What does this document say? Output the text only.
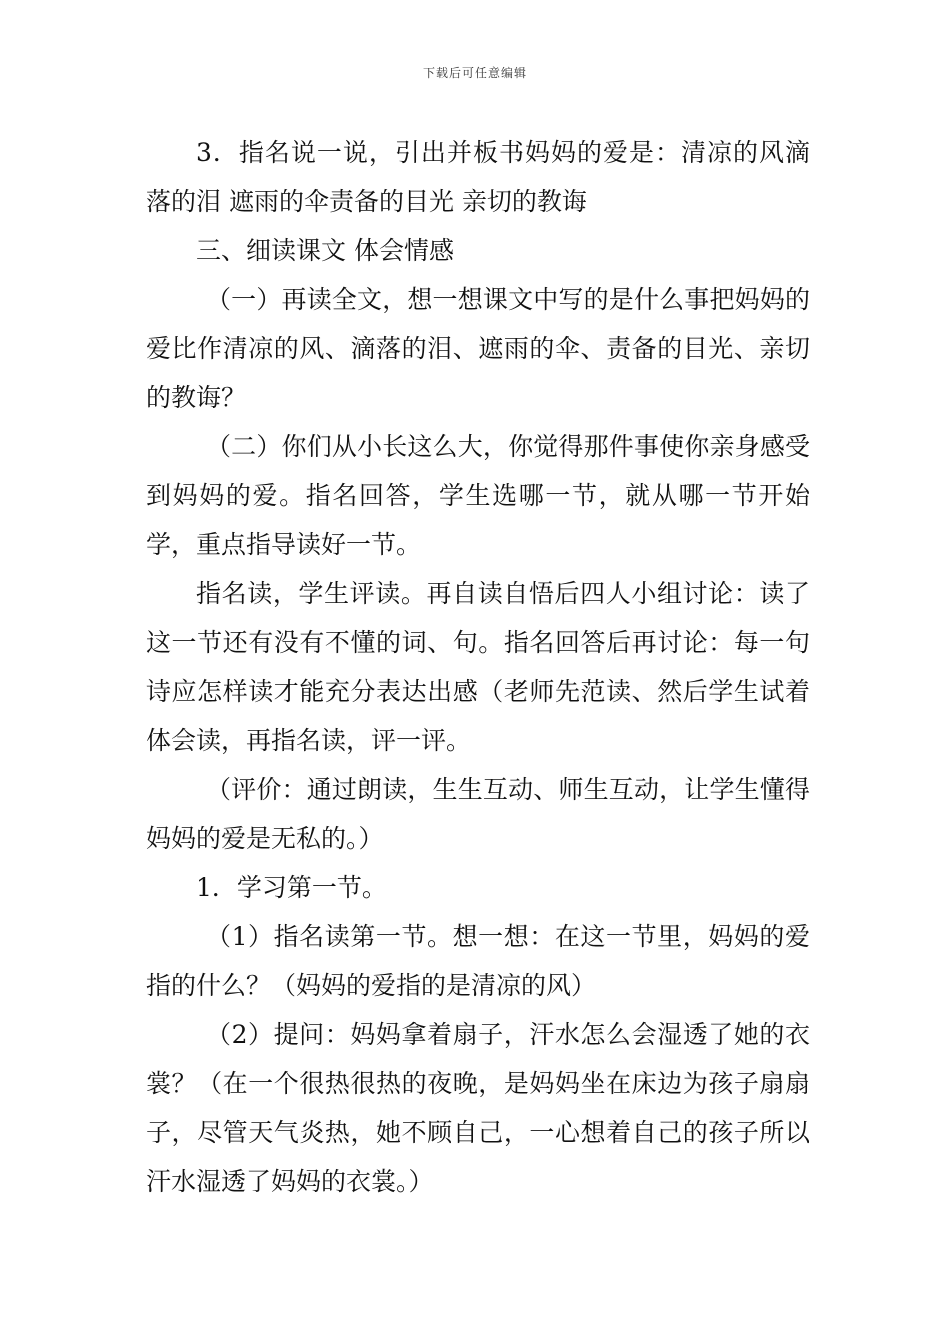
下载后可任意编辑

3．指名说一说，引出并板书妈妈的爱是：清凉的风滴落的泪 遮雨的伞责备的目光 亲切的教诲

三、细读课文 体会情感

（一）再读全文，想一想课文中写的是什么事把妈妈的爱比作清凉的风、滴落的泪、遮雨的伞、责备的目光、亲切的教诲？

（二）你们从小长这么大，你觉得那件事使你亲身感受到妈妈的爱。指名回答，学生选哪一节，就从哪一节开始学，重点指导读好一节。

指名读，学生评读。再自读自悟后四人小组讨论：读了这一节还有没有不懂的词、句。指名回答后再讨论：每一句诗应怎样读才能充分表达出感（老师先范读、然后学生试着体会读，再指名读，评一评。

（评价：通过朗读，生生互动、师生互动，让学生懂得妈妈的爱是无私的。）

1．学习第一节。

（1）指名读第一节。想一想：在这一节里，妈妈的爱指的什么？（妈妈的爱指的是清凉的风）

（2）提问：妈妈拿着扇子，汗水怎么会湿透了她的衣裳？（在一个很热很热的夜晚，是妈妈坐在床边为孩子扇扇子，尽管天气炎热，她不顾自己，一心想着自己的孩子所以汗水湿透了妈妈的衣裳。）
